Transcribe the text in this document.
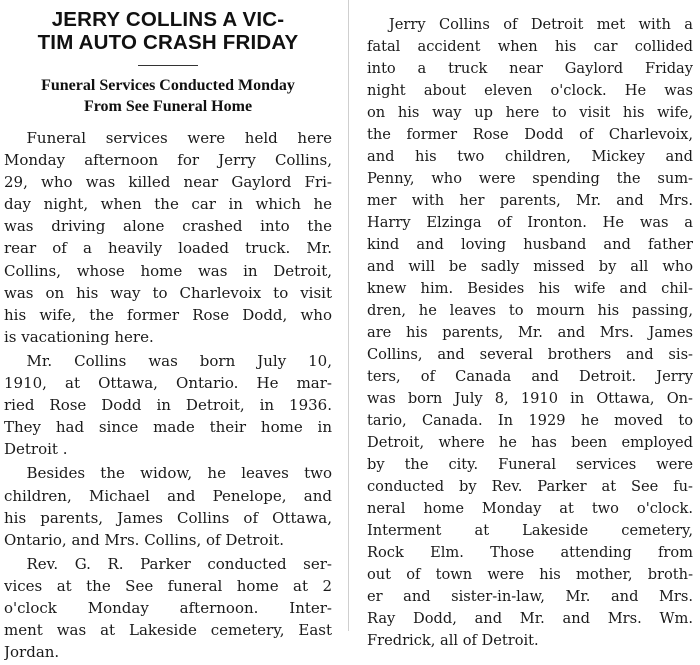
JERRY COLLINS A VIC-
TIM AUTO CRASH FRIDAY
Funeral Services Conducted Monday
From See Funeral Home
  Funeral services were held here
Monday afternoon for Jerry Collins,
29, who was killed near Gaylord Fri-
day night, when the car in which he
was driving alone crashed into the
rear of a heavily loaded truck. Mr.
Collins, whose home was in Detroit,
was on his way to Charlevoix to visit
his wife, the former Rose Dodd, who
is vacationing here.
  Mr. Collins was born July 10,
1910, at Ottawa, Ontario. He mar-
ried Rose Dodd in Detroit, in 1936.
They had since made their home in
Detroit .
  Besides the widow, he leaves two
children, Michael and Penelope, and
his parents, James Collins of Ottawa,
Ontario, and Mrs. Collins, of Detroit.
  Rev. G. R. Parker conducted ser-
vices at the See funeral home at 2
o'clock Monday afternoon. Inter-
ment was at Lakeside cemetery, East
Jordan.
  Jerry Collins of Detroit met with a
fatal accident when his car collided
into a truck near Gaylord Friday
night about eleven o'clock. He was
on his way up here to visit his wife,
the former Rose Dodd of Charlevoix,
and his two children, Mickey and
Penny, who were spending the sum-
mer with her parents, Mr. and Mrs.
Harry Elzinga of Ironton. He was a
kind and loving husband and father
and will be sadly missed by all who
knew him. Besides his wife and chil-
dren, he leaves to mourn his passing,
are his parents, Mr. and Mrs. James
Collins, and several brothers and sis-
ters, of Canada and Detroit. Jerry
was born July 8, 1910 in Ottawa, On-
tario, Canada. In 1929 he moved to
Detroit, where he has been employed
by the city. Funeral services were
conducted by Rev. Parker at See fu-
neral home Monday at two o'clock.
Interment at Lakeside cemetery,
Rock Elm. Those attending from
out of town were his mother, broth-
er and sister-in-law, Mr. and Mrs.
Ray Dodd, and Mr. and Mrs. Wm.
Fredrick, all of Detroit.
